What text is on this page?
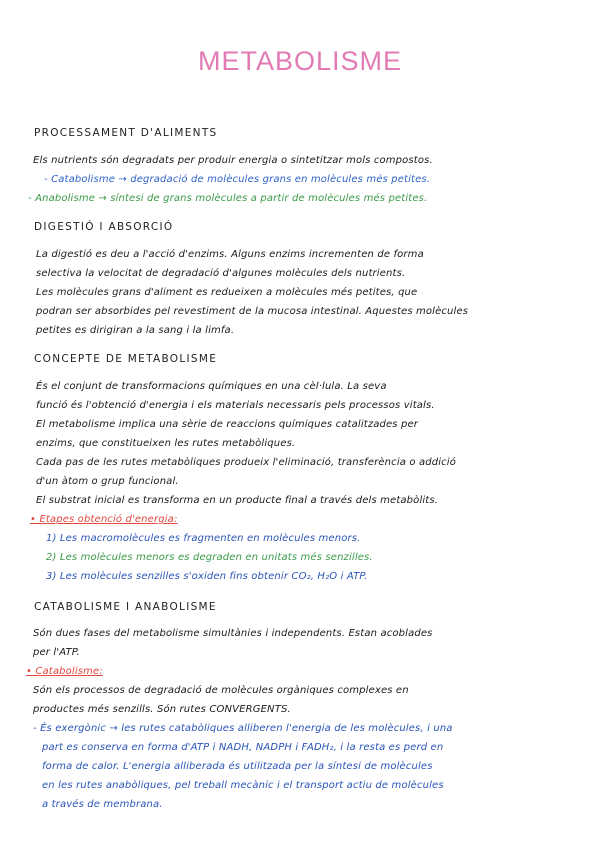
METABOLISME
PROCESSAMENT D'ALIMENTS
Els nutrients són degradats per produir energia o sintetitzar mols compostos.
- Catabolisme → degradació de molècules grans en molècules més petites.
- Anabolisme → síntesi de grans molècules a partir de molècules més petites.
DIGESTIÓ I ABSORCIÓ
La digestió es deu a l'acció d'enzims. Alguns enzims incrementen de forma
selectiva la velocitat de degradació d'algunes molècules dels nutrients.
Les molècules grans d'aliment es redueixen a molècules més petites, que
podran ser absorbides pel revestiment de la mucosa intestinal. Aquestes molècules
petites es dirigiran a la sang i la limfa.
CONCEPTE DE METABOLISME
És el conjunt de transformacions químiques en una cèl·lula. La seva
funció és l'obtenció d'energia i els materials necessaris pels processos vitals.
El metabolisme implica una sèrie de reaccions químiques catalitzades per
enzims, que constitueixen les rutes metabòliques.
Cada pas de les rutes metabòliques produeix l'eliminació, transferència o addició
d'un àtom o grup funcional.
El substrat inicial es transforma en un producte final a través dels metabòlits.
• Etapes obtenció d'energia:
1) Les macromolècules es fragmenten en molècules menors.
2) Les molècules menors es degraden en unitats més senzilles.
3) Les molècules senzilles s'oxiden fins obtenir CO₂, H₂O i ATP.
CATABOLISME I ANABOLISME
Són dues fases del metabolisme simultànies i independents. Estan acoblades
per l'ATP.
• Catabolisme:
Són els processos de degradació de molècules orgàniques complexes en
productes més senzills. Són rutes CONVERGENTS.
- És exergònic → les rutes catabòliques alliberen l'energia de les molècules, i una
part es conserva en forma d'ATP i NADH, NADPH i FADH₂, i la resta es perd en
forma de calor. L'energia alliberada és utilitzada per la síntesi de molècules
en les rutes anabòliques, pel treball mecànic i el transport actiu de molècules
a través de membrana.
